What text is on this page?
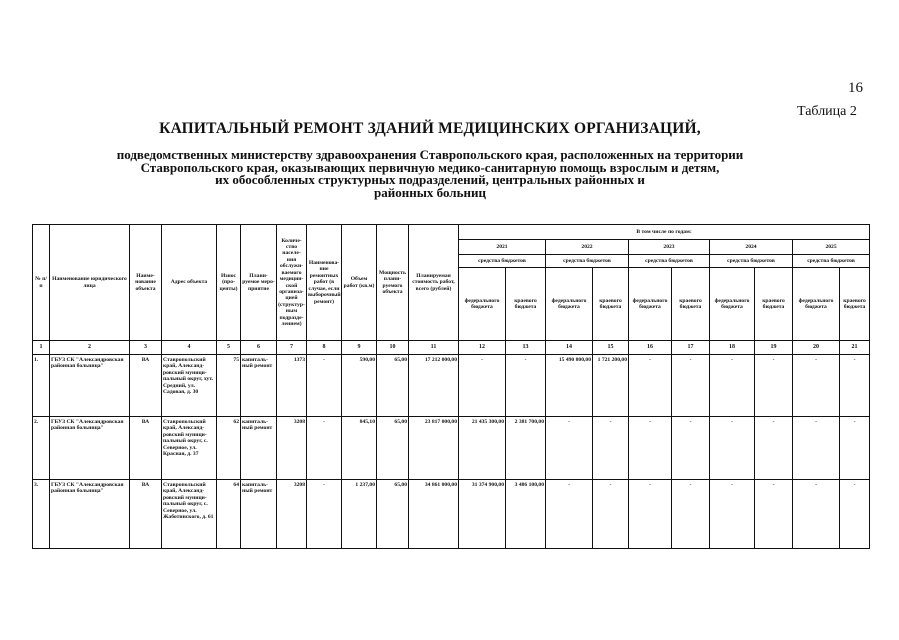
16
Таблица 2
КАПИТАЛЬНЫЙ РЕМОНТ ЗДАНИЙ МЕДИЦИНСКИХ ОРГАНИЗАЦИЙ,
подведомственных министерству здравоохранения Ставропольского края, расположенных на территории
Ставропольского края, оказывающих первичную медико-санитарную помощь взрослым и детям,
их обособленных структурных подразделений, центральных районных и
районных больниц
№ п/п	Наименование юридического лица	Наиме-нование объекта	Адрес объекта	Износ (про-центы)	Плани-руемое меро-приятие	Количе-ство населе-ния обслужи-ваемого медицин-ской организа-цией (структур-ным подразде-лением)	Наименова-ние ремонтных работ (в случае, если выборочный ремонт)	Объем работ (кв.м)	Мощность плани-руемого объекта	Планируемая стоимость работ, всего (рублей)	В том числе по годам:									
											2021		2022		2023		2024		2025	
											средства бюджетов		средства бюджетов		средства бюджетов		средства бюджетов		средства бюджетов	
											федерального бюджета	краевого бюджета	федерального бюджета	краевого бюджета	федерального бюджета	краевого бюджета	федерального бюджета	краевого бюджета	федерального бюджета	краевого бюджета
1	2	3	4	5	6	7	8	9	10	11	12	13	14	15	16	17	18	19	20	21
1.	ГБУЗ СК "Александровская районная больница"	ВА	Ставропольский край, Александ-ровский муници-пальный округ, хут. Средний, ул. Садовая, д. 30	75	капиталь-ный ремонт	1373	-	590,00	65,00	17 212 000,00	-	-	15 490 800,00	1 721 200,00	-	-	-	-	-	-
2.	ГБУЗ СК "Александровская районная больница"	ВА	Ставропольский край, Александ-ровский муници-пальный округ, с. Северное, ул. Красная, д. 37	62	капиталь-ный ремонт	3208	-	845,10	65,00	23 817 000,00	21 435 300,00	2 381 700,00	-	-	-	-	-	-	-	-
3.	ГБУЗ СК "Александровская районная больница"	ВА	Ставропольский край, Александ-ровский муници-пальный округ, с. Северное, ул. Жаботинского, д. 61	64	капиталь-ный ремонт	3208	-	1 237,00	65,00	34 861 000,00	31 374 900,00	3 486 100,00	-	-	-	-	-	-	-	-
